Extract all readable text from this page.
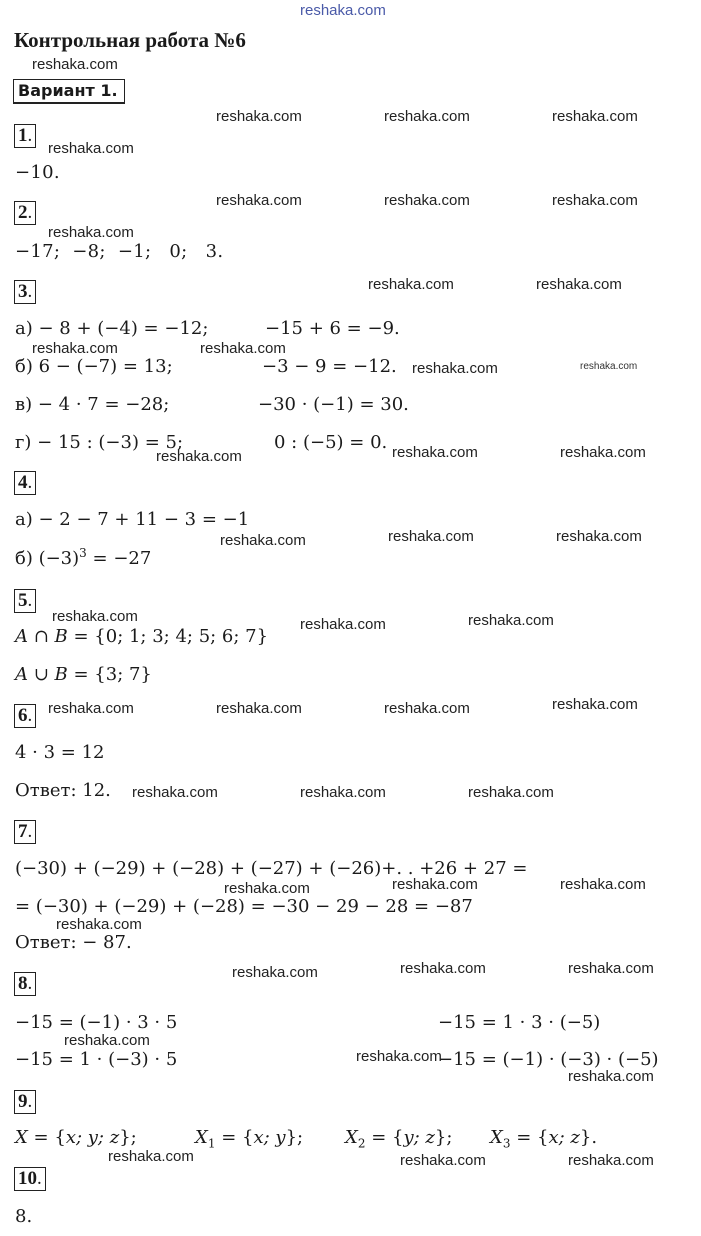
reshaka.com
Контрольная работа №6
reshaka.com
Вариант 1.
1.
reshaka.com
reshaka.com	reshaka.com	reshaka.com
−10.
2.
reshaka.com
reshaka.com	reshaka.com	reshaka.com
−17;  −8;  −1;   0;   3.
3.	reshaka.com	reshaka.com
а) − 8 + (−4) = −12;	−15 + 6 = −9.
reshaka.com	reshaka.com
б) 6 − (−7) = 13;	−3 − 9 = −12. reshaka.com	reshaka.com
в) − 4 · 7 = −28;	−30 · (−1) = 30.
г) − 15 : (−3) = 5;	0 : (−5) = 0.
reshaka.com	reshaka.com	reshaka.com
4.
а) − 2 − 7 + 11 − 3 = −1
reshaka.com	reshaka.com
reshaka.com
б) $(-3)^3 = -27$
5.
reshaka.com	reshaka.com	reshaka.com
A ∩ B = {0; 1; 3; 4; 5; 6; 7}
A ∪ B = {3; 7}
6. reshaka.com	reshaka.com	reshaka.com	reshaka.com
4 · 3 = 12
Ответ: 12. reshaka.com	reshaka.com	reshaka.com
7.
(−30) + (−29) + (−28) + (−27) + (−26)+. . +26 + 27 =
reshaka.com	reshaka.com
reshaka.com
= (−30) + (−29) + (−28) = −30 − 29 − 28 = −87
reshaka.com
Ответ: − 87.
8.
reshaka.com	reshaka.com	reshaka.com
−15 = (−1) · 3 · 5	−15 = 1 · 3 · (−5)
reshaka.com
−15 = 1 · (−3) · 5	−15 = (−1) · (−3) · (−5)
reshaka.com
reshaka.com
9.
X = {x; y; z};	$X_1 = \{x$; y}; $X_2 = \{y$; z}; $X_3 = \{x$; z}.
reshaka.com	reshaka.com	reshaka.com
10.
8.
